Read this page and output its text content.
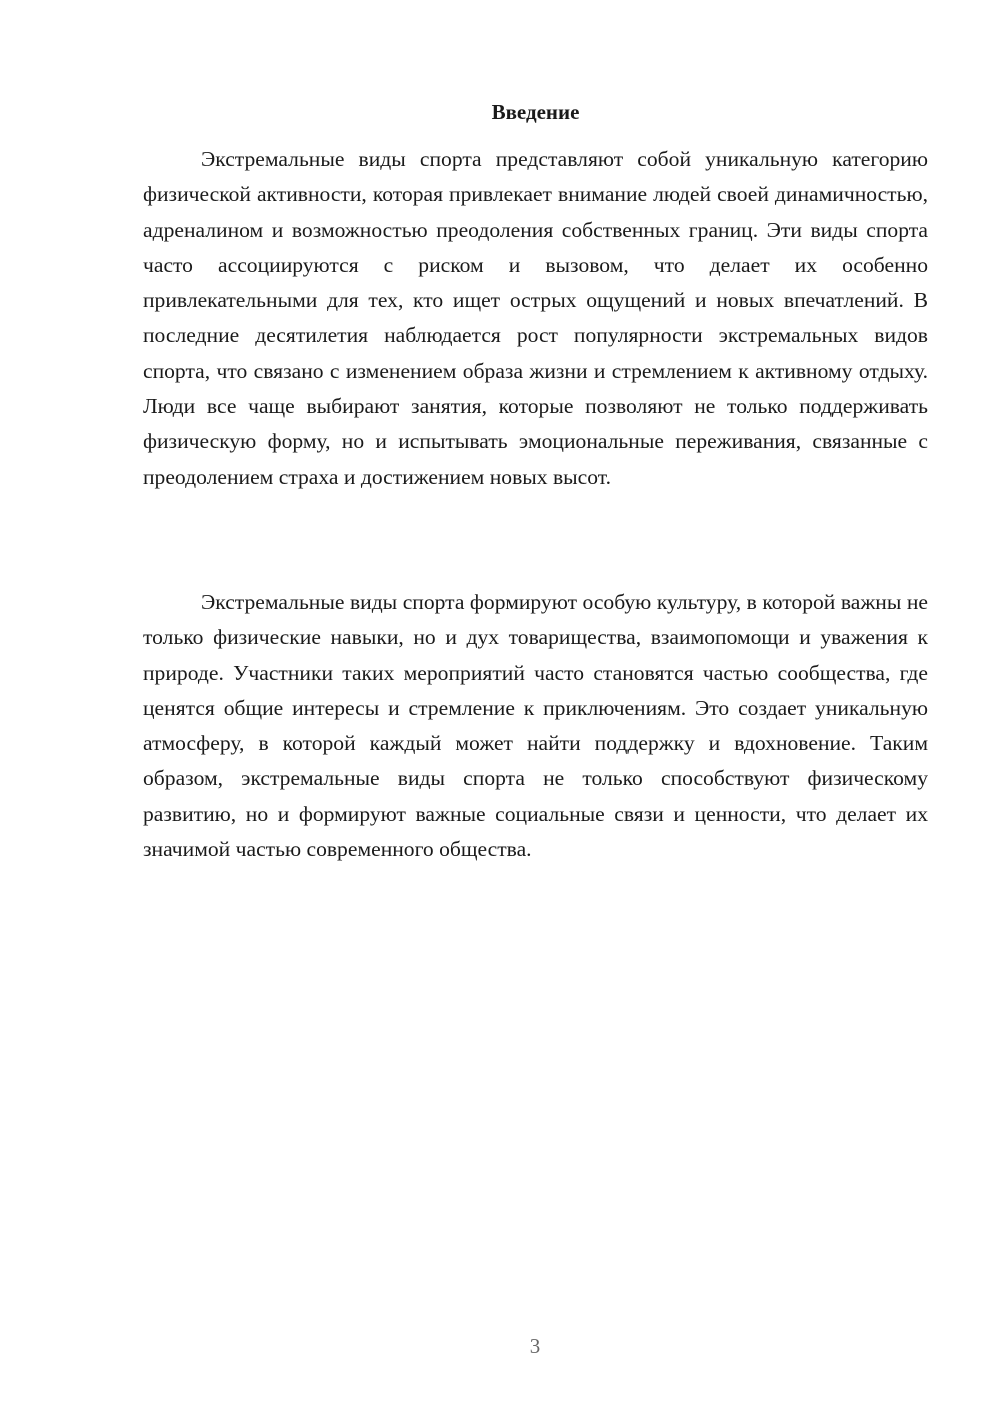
Введение

Экстремальные виды спорта представляют собой уникальную категорию физической активности, которая привлекает внимание людей своей динамичностью, адреналином и возможностью преодоления собственных границ. Эти виды спорта часто ассоциируются с риском и вызовом, что делает их особенно привлекательными для тех, кто ищет острых ощущений и новых впечатлений. В последние десятилетия наблюдается рост популярности экстремальных видов спорта, что связано с изменением образа жизни и стремлением к активному отдыху. Люди все чаще выбирают занятия, которые позволяют не только поддерживать физическую форму, но и испытывать эмоциональные переживания, связанные с преодолением страха и достижением новых высот.

Экстремальные виды спорта формируют особую культуру, в которой важны не только физические навыки, но и дух товарищества, взаимопомощи и уважения к природе. Участники таких мероприятий часто становятся частью сообщества, где ценятся общие интересы и стремление к приключениям. Это создает уникальную атмосферу, в которой каждый может найти поддержку и вдохновение. Таким образом, экстремальные виды спорта не только способствуют физическому развитию, но и формируют важные социальные связи и ценности, что делает их значимой частью современного общества.

3
